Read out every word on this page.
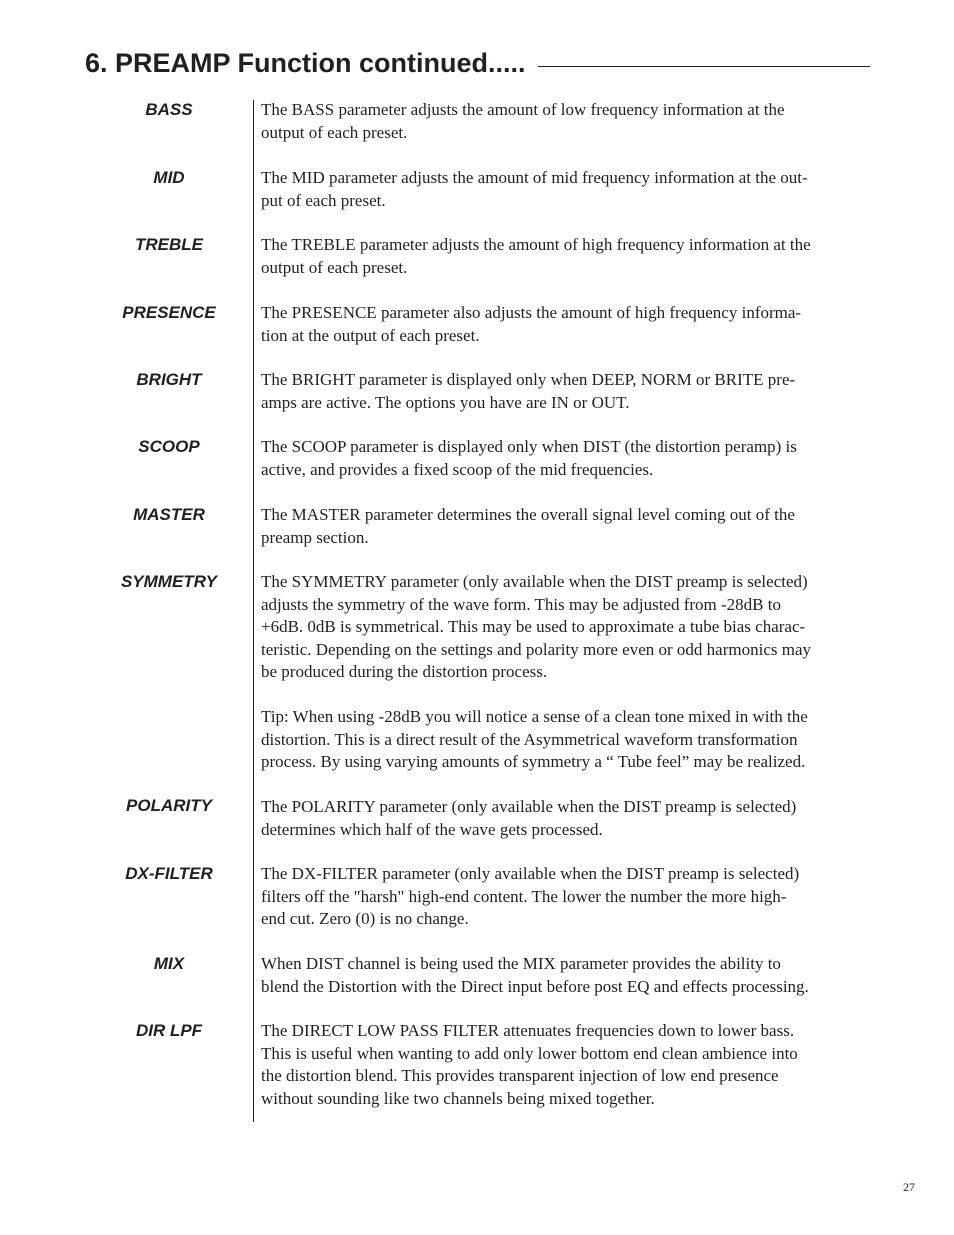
6. PREAMP Function continued.....
BASS	The BASS parameter adjusts the amount of low frequency information at the
output of each preset.

MID	The MID parameter adjusts the amount of mid frequency information at the out-
put of each preset.

TREBLE	The TREBLE parameter adjusts the amount of high frequency information at the
output of each preset.

PRESENCE	The PRESENCE parameter also adjusts the amount of high frequency informa-
tion at the output of each preset.

BRIGHT	The BRIGHT parameter is displayed only when DEEP, NORM or BRITE pre-
amps are active. The options you have are IN or OUT.

SCOOP	The SCOOP parameter is displayed only when DIST (the distortion peramp) is
active, and provides a fixed scoop of the mid frequencies.

MASTER	The MASTER parameter determines the overall signal level coming out of the
preamp section.

SYMMETRY	The SYMMETRY parameter (only available when the DIST preamp is selected)
adjusts the symmetry of the wave form. This may be adjusted from -28dB to
+6dB. 0dB is symmetrical. This may be used to approximate a tube bias charac-
teristic. Depending on the settings and polarity more even or odd harmonics may
be produced during the distortion process.

Tip: When using -28dB you will notice a sense of a clean tone mixed in with the
distortion. This is a direct result of the Asymmetrical waveform transformation
process. By using varying amounts of symmetry a “ Tube feel” may be realized.

POLARITY	The POLARITY parameter (only available when the DIST preamp is selected)
determines which half of the wave gets processed.

DX-FILTER	The DX-FILTER parameter (only available when the DIST preamp is selected)
filters off the "harsh" high-end content. The lower the number the more high-
end cut. Zero (0) is no change.

MIX	When DIST channel is being used the MIX parameter provides the ability to
blend the Distortion with the Direct input before post EQ and effects processing.

DIR LPF	The DIRECT LOW PASS FILTER attenuates frequencies down to lower bass.
This is useful when wanting to add only lower bottom end clean ambience into
the distortion blend. This provides transparent injection of low end presence
without sounding like two channels being mixed together.

27
